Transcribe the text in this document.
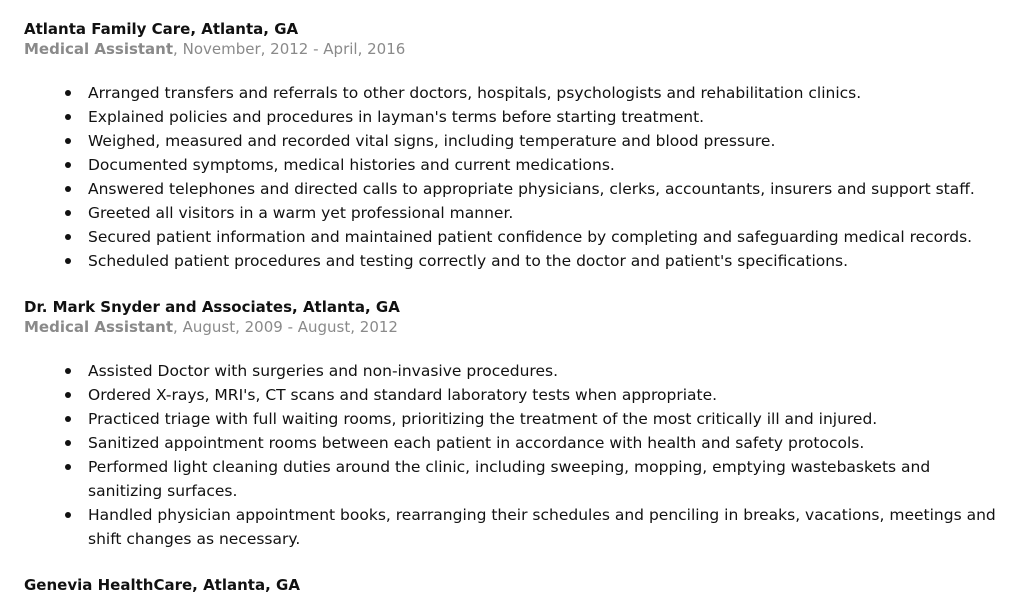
Atlanta Family Care, Atlanta, GA
Medical Assistant, November, 2012 - April, 2016
Arranged transfers and referrals to other doctors, hospitals, psychologists and rehabilitation clinics.
Explained policies and procedures in layman's terms before starting treatment.
Weighed, measured and recorded vital signs, including temperature and blood pressure.
Documented symptoms, medical histories and current medications.
Answered telephones and directed calls to appropriate physicians, clerks, accountants, insurers and support staff.
Greeted all visitors in a warm yet professional manner.
Secured patient information and maintained patient confidence by completing and safeguarding medical records.
Scheduled patient procedures and testing correctly and to the doctor and patient's specifications.
Dr. Mark Snyder and Associates, Atlanta, GA
Medical Assistant, August, 2009 - August, 2012
Assisted Doctor with surgeries and non-invasive procedures.
Ordered X-rays, MRI's, CT scans and standard laboratory tests when appropriate.
Practiced triage with full waiting rooms, prioritizing the treatment of the most critically ill and injured.
Sanitized appointment rooms between each patient in accordance with health and safety protocols.
Performed light cleaning duties around the clinic, including sweeping, mopping, emptying wastebaskets and sanitizing surfaces.
Handled physician appointment books, rearranging their schedules and penciling in breaks, vacations, meetings and shift changes as necessary.
Genevia HealthCare, Atlanta, GA
